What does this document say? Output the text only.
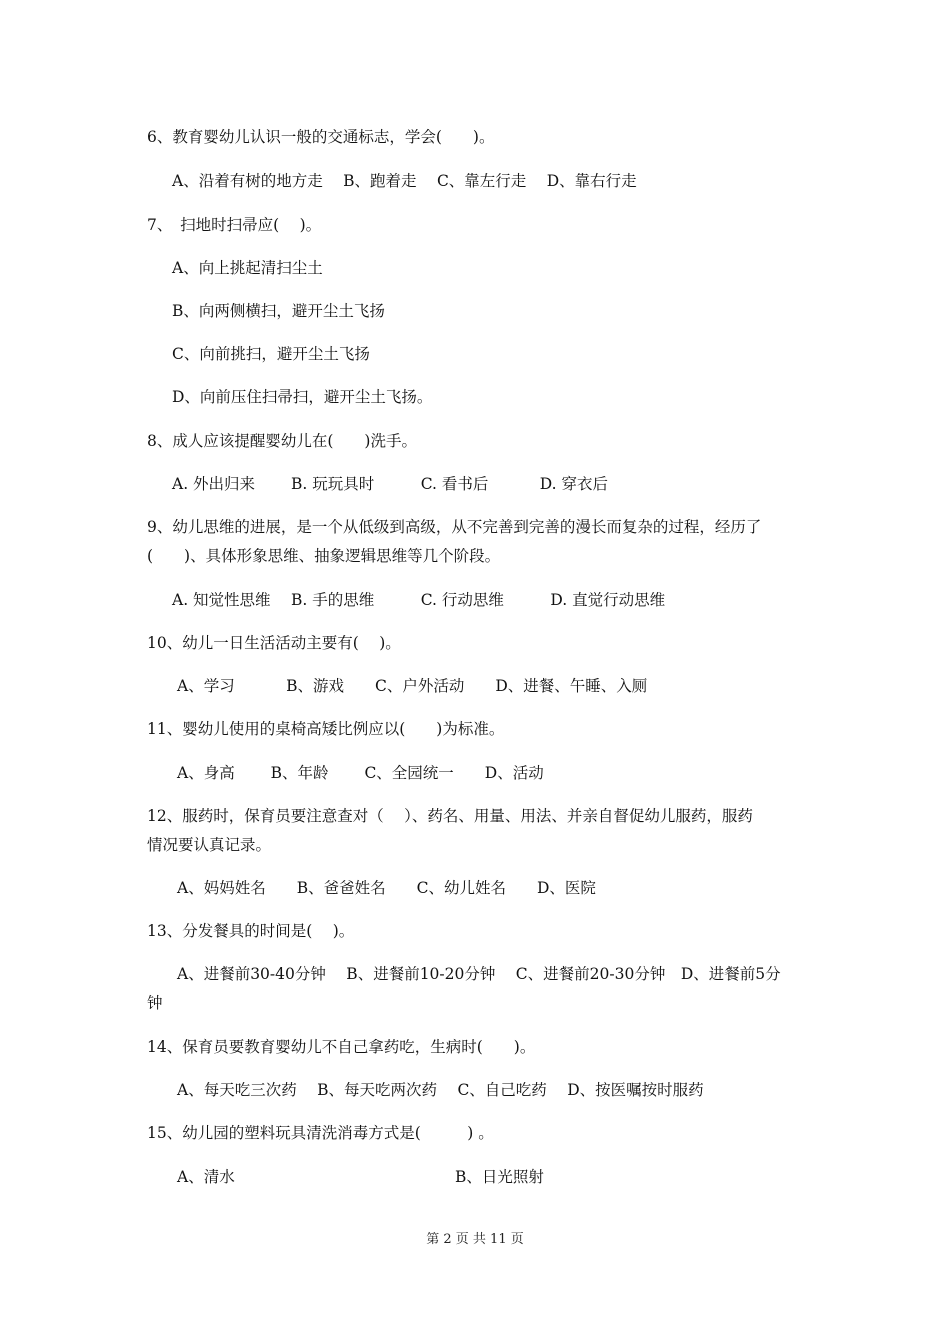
6、教育婴幼儿认识一般的交通标志，学会(　　)。
A、沿着有树的地方走　 B、跑着走　 C、靠左行走　 D、靠右行走
7、　扫地时扫帚应(　 )。
A、向上挑起清扫尘土
B、向两侧横扫，避开尘土飞扬
C、向前挑扫，避开尘土飞扬
D、向前压住扫帚扫，避开尘土飞扬。
8、成人应该提醒婴幼儿在(　　)洗手。
A. 外出归来　　 B. 玩玩具时　　　C. 看书后　　　 D. 穿衣后
9、幼儿思维的进展，是一个从低级到高级，从不完善到完善的漫长而复杂的过程，经历了
(　　)、具体形象思维、抽象逻辑思维等几个阶段。
A. 知觉性思维　 B. 手的思维　　　C. 行动思维　　　D. 直觉行动思维
10、幼儿一日生活活动主要有(　 )。
A、学习　　　 B、游戏　　C、户外活动　　D、进餐、午睡、入厕
11、婴幼儿使用的桌椅高矮比例应以(　　)为标准。
A、身高　　 B、年龄　　 C、全园统一　　D、活动
12、服药时，保育员要注意查对（　 ）、药名、用量、用法、并亲自督促幼儿服药，服药
情况要认真记录。
A、妈妈姓名　　B、爸爸姓名　　C、幼儿姓名　　D、医院
13、分发餐具的时间是(　 )。
A、进餐前30-40分钟　 B、进餐前10-20分钟　 C、进餐前20-30分钟　D、进餐前5分
钟
14、保育员要教育婴幼儿不自己拿药吃，生病时(　　)。
A、每天吃三次药　 B、每天吃两次药　 C、自己吃药　 D、按医嘱按时服药
15、幼儿园的塑料玩具清洗消毒方式是(　　　) 。
A、清水	B、日光照射
第 2 页 共 11 页
